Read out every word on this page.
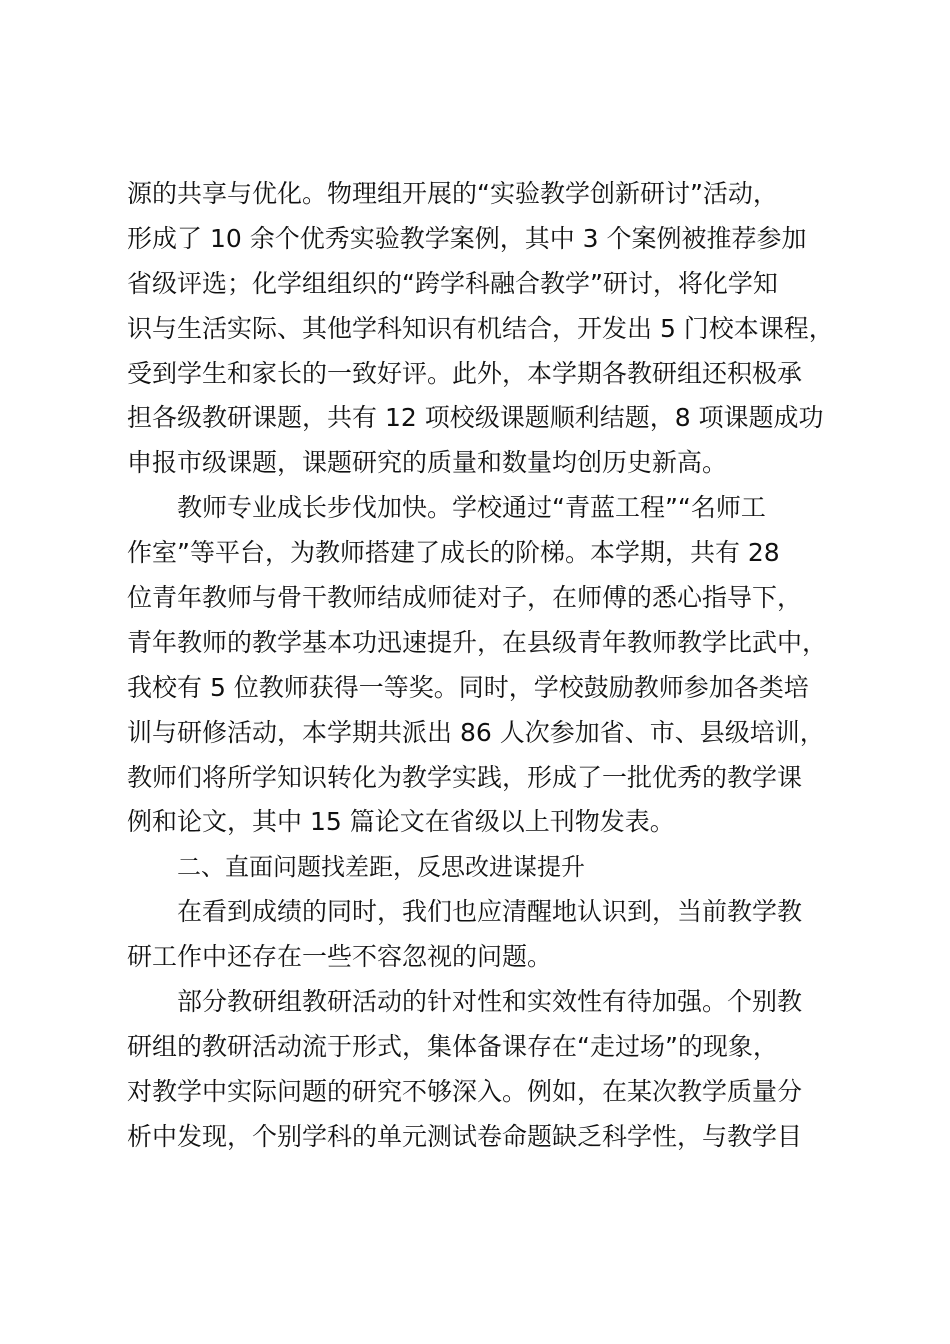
源的共享与优化。物理组开展的“实验教学创新研讨”活动，
形成了 10 余个优秀实验教学案例，其中 3 个案例被推荐参加
省级评选；化学组组织的“跨学科融合教学”研讨，将化学知
识与生活实际、其他学科知识有机结合，开发出 5 门校本课程，
受到学生和家长的一致好评。此外，本学期各教研组还积极承
担各级教研课题，共有 12 项校级课题顺利结题，8 项课题成功
申报市级课题，课题研究的质量和数量均创历史新高。
教师专业成长步伐加快。学校通过“青蓝工程”“名师工
作室”等平台，为教师搭建了成长的阶梯。本学期，共有 28
位青年教师与骨干教师结成师徒对子，在师傅的悉心指导下，
青年教师的教学基本功迅速提升，在县级青年教师教学比武中，
我校有 5 位教师获得一等奖。同时，学校鼓励教师参加各类培
训与研修活动，本学期共派出 86 人次参加省、市、县级培训，
教师们将所学知识转化为教学实践，形成了一批优秀的教学课
例和论文，其中 15 篇论文在省级以上刊物发表。
二、直面问题找差距，反思改进谋提升
在看到成绩的同时，我们也应清醒地认识到，当前教学教
研工作中还存在一些不容忽视的问题。
部分教研组教研活动的针对性和实效性有待加强。个别教
研组的教研活动流于形式，集体备课存在“走过场”的现象，
对教学中实际问题的研究不够深入。例如，在某次教学质量分
析中发现，个别学科的单元测试卷命题缺乏科学性，与教学目
